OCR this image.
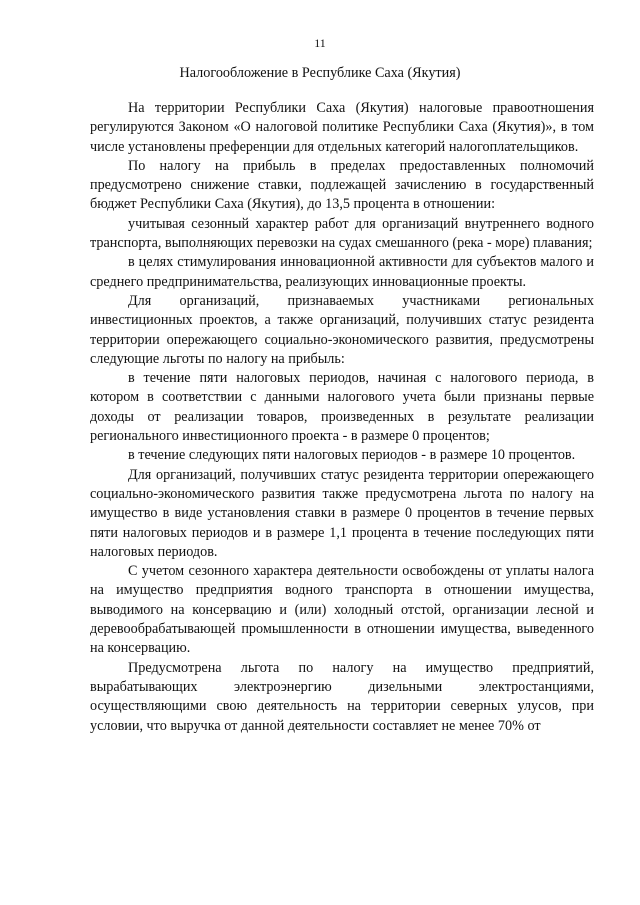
11
Налогообложение в Республике Саха (Якутия)

На территории Республики Саха (Якутия) налоговые правоотношения регулируются Законом «О налоговой политике Республики Саха (Якутия)», в том числе установлены преференции для отдельных категорий налогоплательщиков.

По налогу на прибыль в пределах предоставленных полномочий предусмотрено снижение ставки, подлежащей зачислению в государственный бюджет Республики Саха (Якутия), до 13,5 процента в отношении:

учитывая сезонный характер работ для организаций внутреннего водного транспорта, выполняющих перевозки на судах смешанного (река - море) плавания;

в целях стимулирования инновационной активности для субъектов малого и среднего предпринимательства, реализующих инновационные проекты.

Для организаций, признаваемых участниками региональных инвестиционных проектов, а также организаций, получивших статус резидента территории опережающего социально-экономического развития, предусмотрены следующие льготы по налогу на прибыль:

в течение пяти налоговых периодов, начиная с налогового периода, в котором в соответствии с данными налогового учета были признаны первые доходы от реализации товаров, произведенных в результате реализации регионального инвестиционного проекта - в размере 0 процентов;

в течение следующих пяти налоговых периодов - в размере 10 процентов.

Для организаций, получивших статус резидента территории опережающего социально-экономического развития также предусмотрена льгота по налогу на имущество в виде установления ставки в размере 0 процентов в течение первых пяти налоговых периодов и в размере 1,1 процента в течение последующих пяти налоговых периодов.

С учетом сезонного характера деятельности освобождены от уплаты налога на имущество предприятия водного транспорта в отношении имущества, выводимого на консервацию и (или) холодный отстой, организации лесной и деревообрабатывающей промышленности в отношении имущества, выведенного на консервацию.

Предусмотрена льгота по налогу на имущество предприятий, вырабатывающих электроэнергию дизельными электростанциями, осуществляющими свою деятельность на территории северных улусов, при условии, что выручка от данной деятельности составляет не менее 70% от
